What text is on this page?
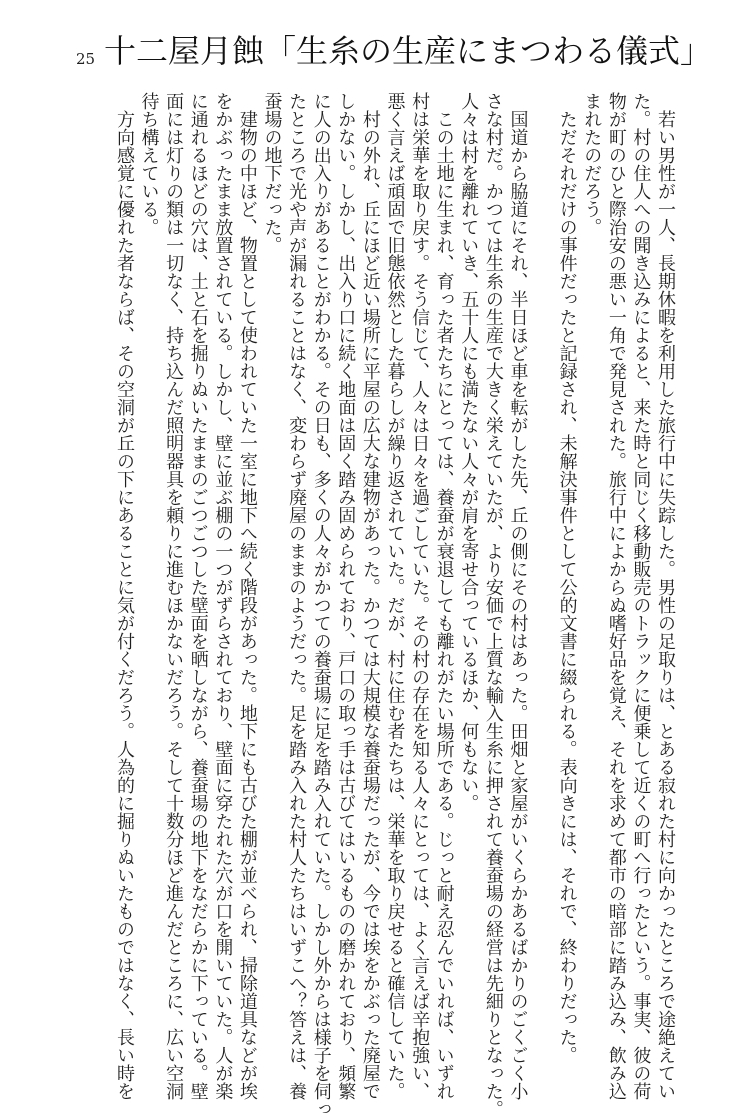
25 十二屋月蝕「生糸の生産にまつわる儀式」
　若い男性が一人、長期休暇を利用した旅行中に失踪した。男性の足取りは、とある寂れた村に向かったところで途絶えてい
た。村の住人への聞き込みによると、来た時と同じく移動販売のトラックに便乗して近くの町へ行ったという。事実、彼の荷
物が町のひと際治安の悪い一角で発見された。旅行中によからぬ嗜好品を覚え、それを求めて都市の暗部に踏み込み、飲み込
まれたのだろう。
　ただそれだけの事件だったと記録され、未解決事件として公的文書に綴られる。表向きには、それで、終わりだった。
　国道から脇道にそれ、半日ほど車を転がした先、丘の側にその村はあった。田畑と家屋がいくらかあるばかりのごくごく小
さな村だ。かつては生糸の生産で大きく栄えていたが、より安価で上質な輸入生糸に押されて養蚕場の経営は先細りとなった。
人々は村を離れていき、五十人にも満たない人々が肩を寄せ合っているほか、何もない。
　この土地に生まれ、育った者たちにとっては、養蚕が衰退しても離れがたい場所である。じっと耐え忍んでいれば、いずれ
村は栄華を取り戻す。そう信じて、人々は日々を過ごしていた。その村の存在を知る人々にとっては、よく言えば辛抱強い、
悪く言えば頑固で旧態依然とした暮らしが繰り返されていた。だが、村に住む者たちは、栄華を取り戻せると確信していた。
　村の外れ、丘にほど近い場所に平屋の広大な建物があった。かつては大規模な養蚕場だったが、今では埃をかぶった廃屋で
しかない。しかし、出入り口に続く地面は固く踏み固められており、戸口の取っ手は古びてはいるものの磨かれており、頻繁
に人の出入りがあることがわかる。その日も、多くの人々がかつての養蚕場に足を踏み入れていた。しかし外からは様子を伺っ
たところで光や声が漏れることはなく、変わらず廃屋のままのようだった。足を踏み入れた村人たちはいずこへ？答えは、養
蚕場の地下だった。
　建物の中ほど、物置として使われていた一室に地下へ続く階段があった。地下にも古びた棚が並べられ、掃除道具などが埃
をかぶったまま放置されている。しかし、壁に並ぶ棚の一つがずらされており、壁面に穿たれた穴が口を開いていた。人が楽
に通れるほどの穴は、土と石を掘りぬいたままのごつごつした壁面を晒しながら、養蚕場の地下をなだらかに下っている。壁
面には灯りの類は一切なく、持ち込んだ照明器具を頼りに進むほかないだろう。そして十数分ほど進んだところに、広い空洞
待ち構えている。
　方向感覚に優れた者ならば、その空洞が丘の下にあることに気が付くだろう。人為的に掘りぬいたものではなく、長い時を
